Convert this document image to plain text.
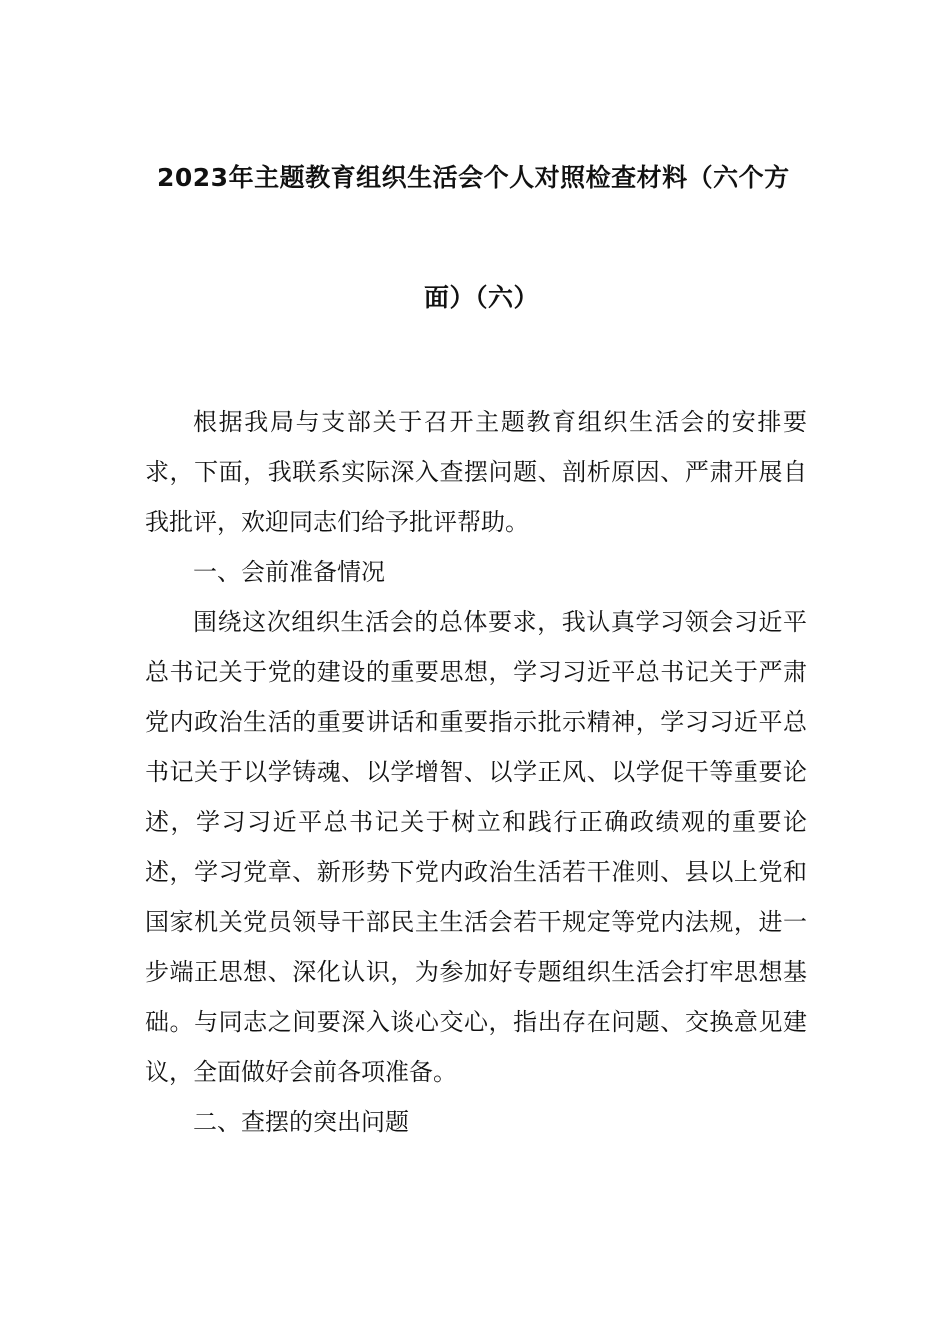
2023年主题教育组织生活会个人对照检查材料（六个方
面）（六）

根据我局与支部关于召开主题教育组织生活会的安排要求，下面，我联系实际深入查摆问题、剖析原因、严肃开展自我批评，欢迎同志们给予批评帮助。

一、会前准备情况

围绕这次组织生活会的总体要求，我认真学习领会习近平总书记关于党的建设的重要思想，学习习近平总书记关于严肃党内政治生活的重要讲话和重要指示批示精神，学习习近平总书记关于以学铸魂、以学增智、以学正风、以学促干等重要论述，学习习近平总书记关于树立和践行正确政绩观的重要论述，学习党章、新形势下党内政治生活若干准则、县以上党和国家机关党员领导干部民主生活会若干规定等党内法规，进一步端正思想、深化认识，为参加好专题组织生活会打牢思想基础。与同志之间要深入谈心交心，指出存在问题、交换意见建议，全面做好会前各项准备。

二、查摆的突出问题
